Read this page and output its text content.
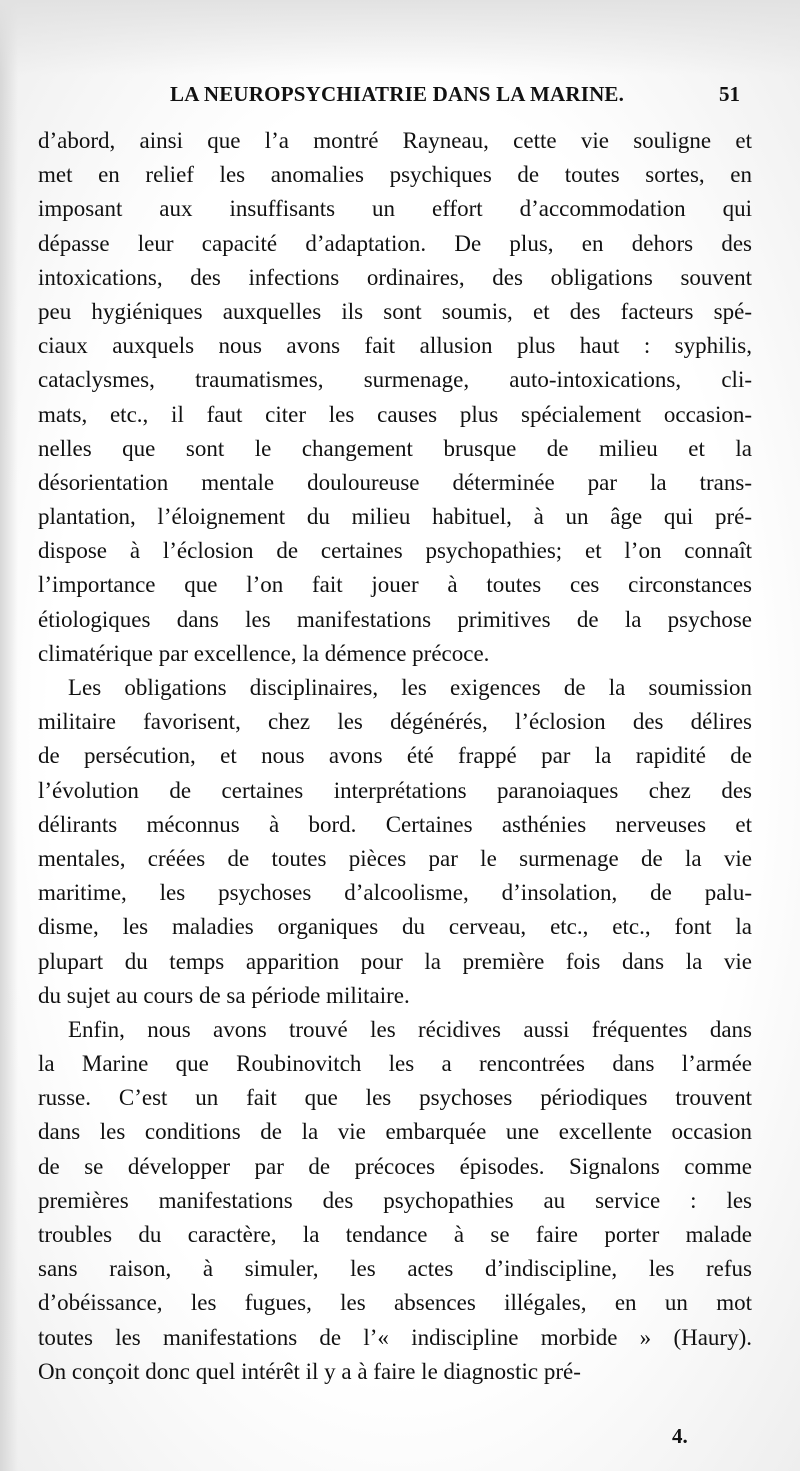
LA NEUROPSYCHIATRIE DANS LA MARINE.	51
d’abord, ainsi que l’a montré Rayneau, cette vie souligne et
met en relief les anomalies psychiques de toutes sortes, en
imposant aux insuffisants un effort d’accommodation qui
dépasse leur capacité d’adaptation. De plus, en dehors des
intoxications, des infections ordinaires, des obligations souvent
peu hygiéniques auxquelles ils sont soumis, et des facteurs spé-
ciaux auxquels nous avons fait allusion plus haut : syphilis,
cataclysmes, traumatismes, surmenage, auto-intoxications, cli-
mats, etc., il faut citer les causes plus spécialement occasion-
nelles que sont le changement brusque de milieu et la
désorientation mentale douloureuse déterminée par la trans-
plantation, l’éloignement du milieu habituel, à un âge qui pré-
dispose à l’éclosion de certaines psychopathies; et l’on connaît
l’importance que l’on fait jouer à toutes ces circonstances
étiologiques dans les manifestations primitives de la psychose
climatérique par excellence, la démence précoce.
Les obligations disciplinaires, les exigences de la soumission
militaire favorisent, chez les dégénérés, l’éclosion des délires
de persécution, et nous avons été frappé par la rapidité de
l’évolution de certaines interprétations paranoiaques chez des
délirants méconnus à bord. Certaines asthénies nerveuses et
mentales, créées de toutes pièces par le surmenage de la vie
maritime, les psychoses d’alcoolisme, d’insolation, de palu-
disme, les maladies organiques du cerveau, etc., etc., font la
plupart du temps apparition pour la première fois dans la vie
du sujet au cours de sa période militaire.
Enfin, nous avons trouvé les récidives aussi fréquentes dans
la Marine que Roubinovitch les a rencontrées dans l’armée
russe. C’est un fait que les psychoses périodiques trouvent
dans les conditions de la vie embarquée une excellente occasion
de se développer par de précoces épisodes. Signalons comme
premières manifestations des psychopathies au service : les
troubles du caractère, la tendance à se faire porter malade
sans raison, à simuler, les actes d’indiscipline, les refus
d’obéissance, les fugues, les absences illégales, en un mot
toutes les manifestations de l’« indiscipline morbide » (Haury).
On conçoit donc quel intérêt il y a à faire le diagnostic pré-
4.
